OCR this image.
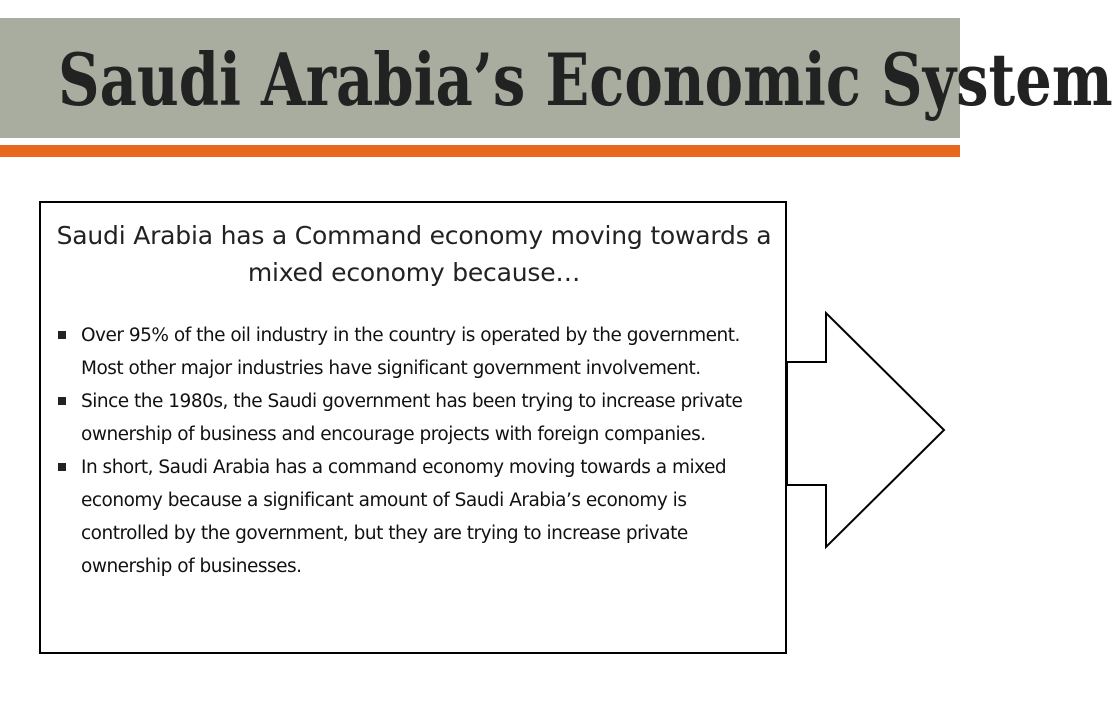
Saudi Arabia’s Economic System

Saudi Arabia has a Command economy moving towards a mixed economy because…

Over 95% of the oil industry in the country is operated by the government. Most other major industries have significant government involvement.
Since the 1980s, the Saudi government has been trying to increase private ownership of business and encourage projects with foreign companies.
In short, Saudi Arabia has a command economy moving towards a mixed economy because a significant amount of Saudi Arabia’s economy is controlled by the government, but they are trying to increase private ownership of businesses.
